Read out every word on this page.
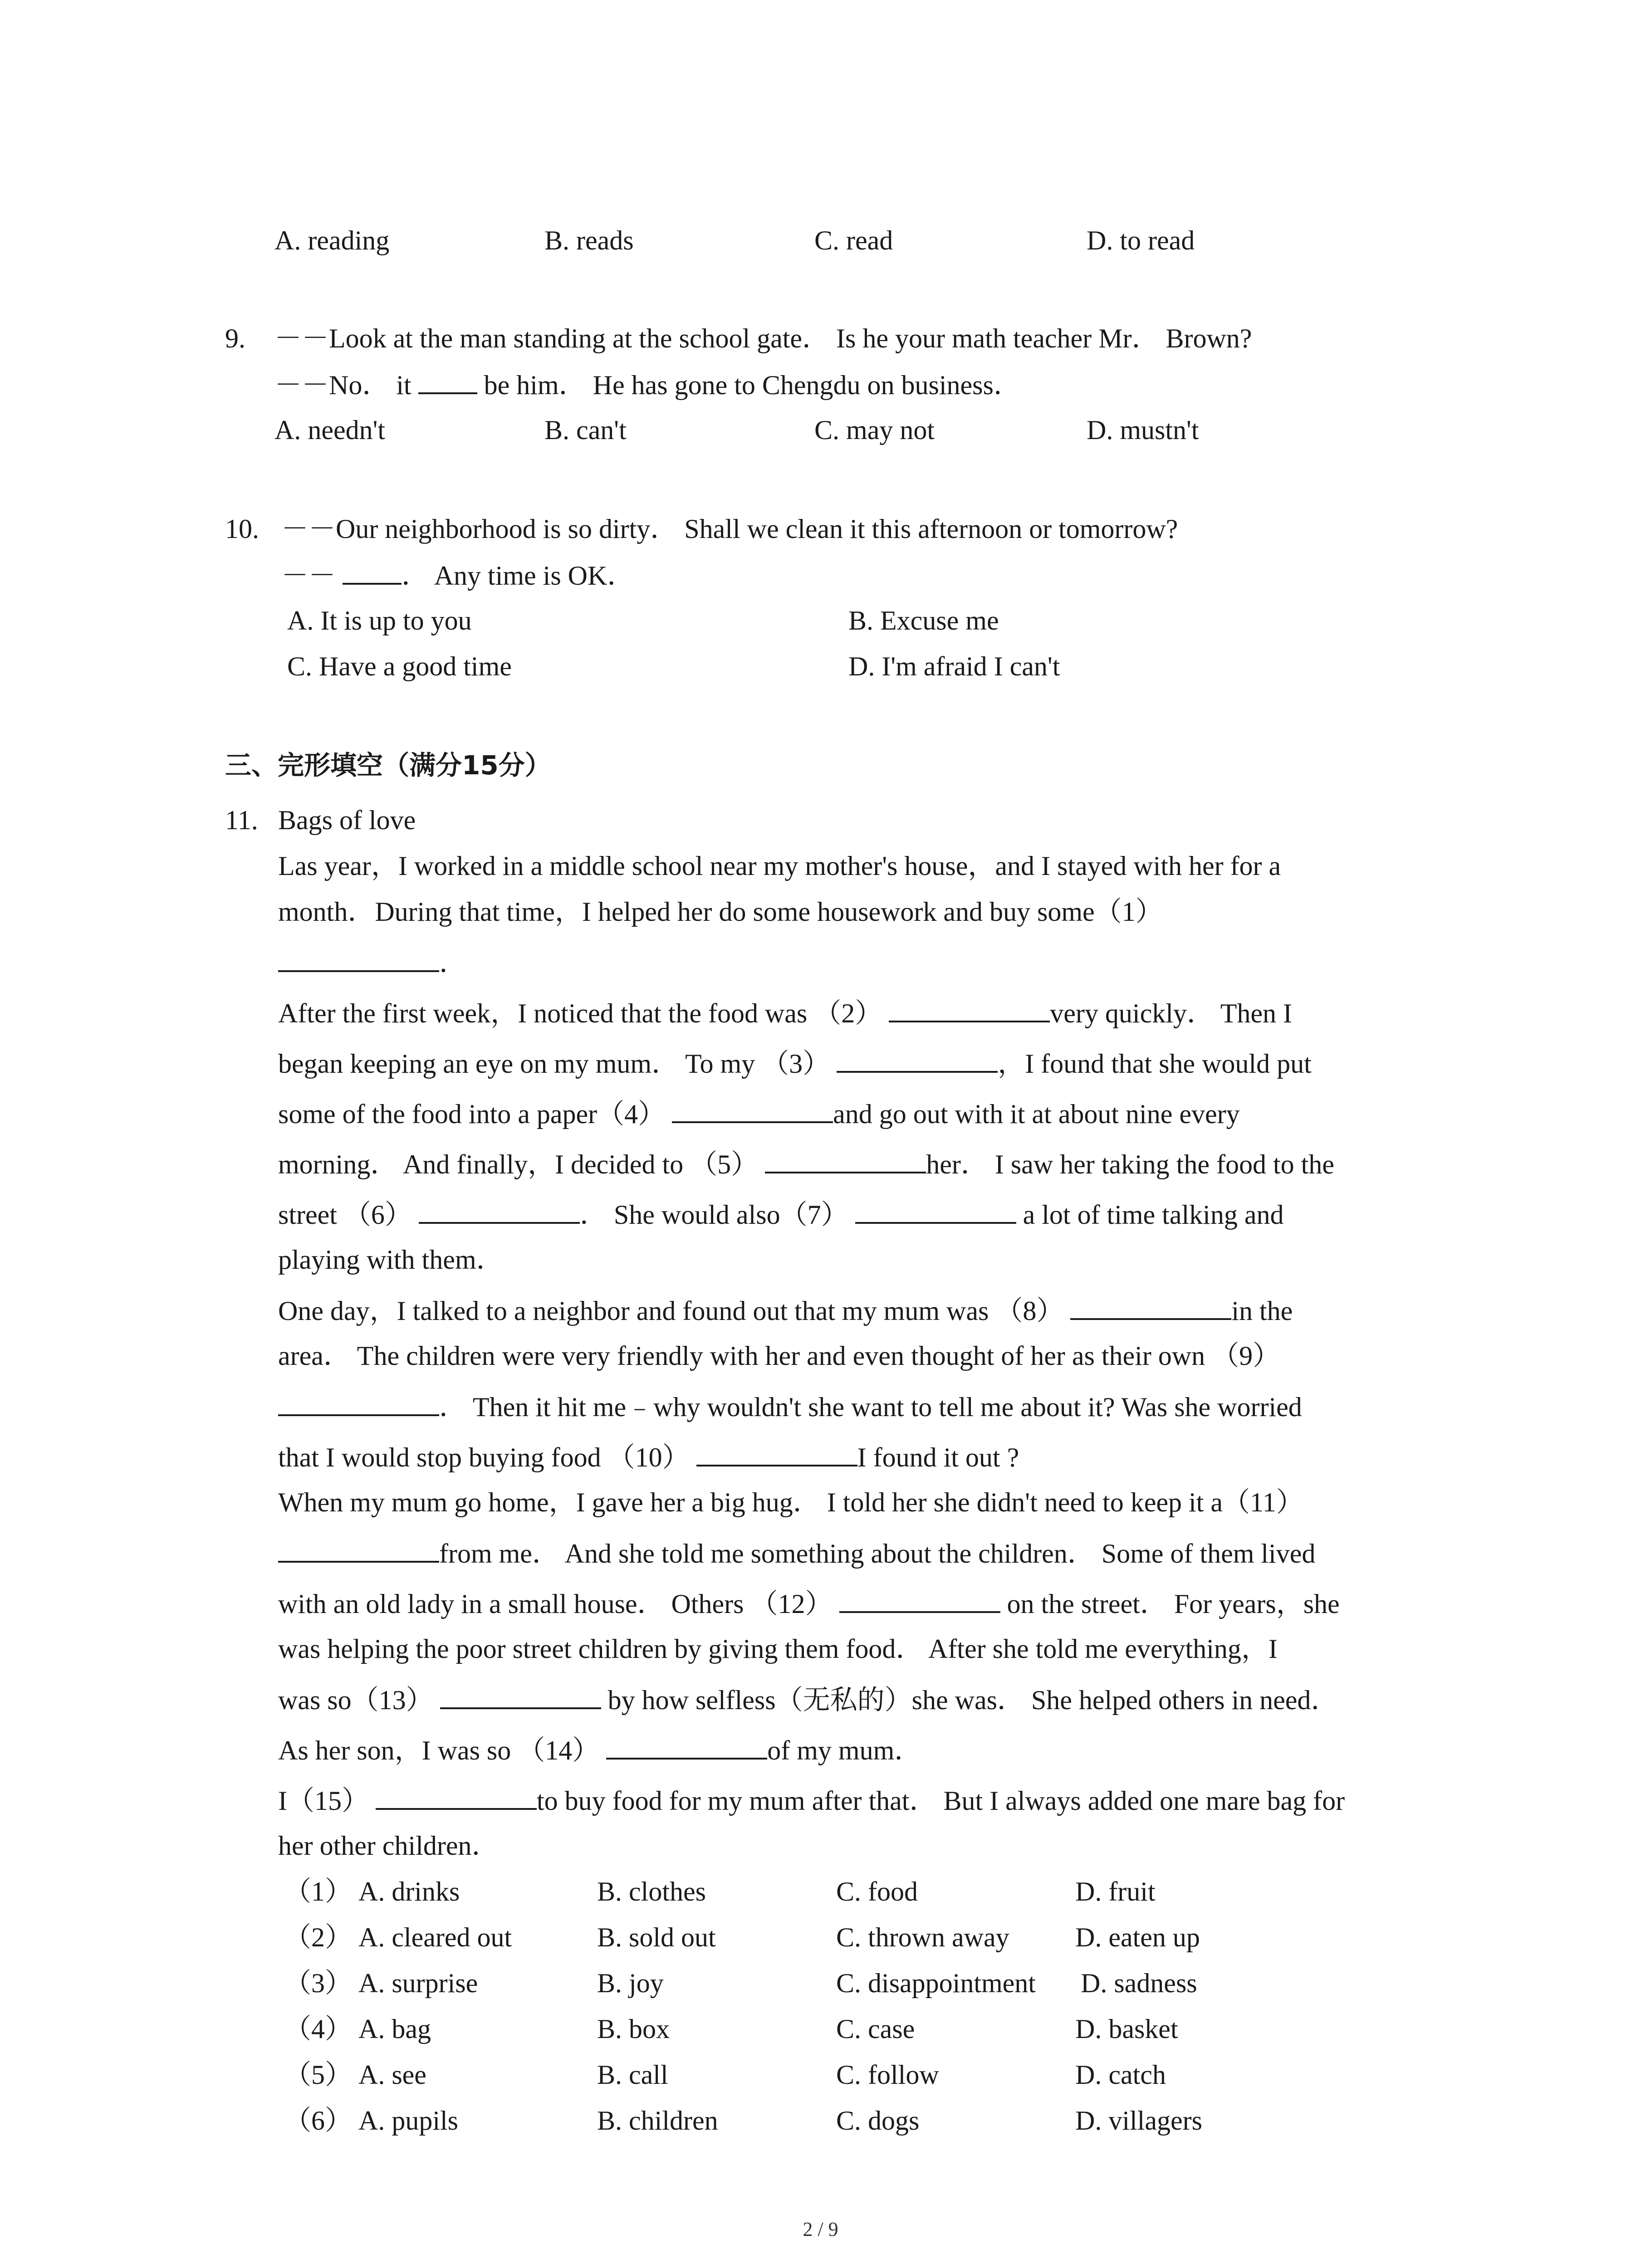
A. reading	B. reads	C. read	D. to read
9. －－Look at the man standing at the school gate． Is he your math teacher Mr． Brown?
－－No． it	be him． He has gone to Chengdu on business．
A. needn't	B. can't	C. may not	D. mustn't
10. －－Our neighborhood is so dirty． Shall we clean it this afternoon or tomorrow?
－－ ． Any time is OK．
A. It is up to you	B. Excuse me
C. Have a good time	D. I'm afraid I can't
三、完形填空（满分15分）
11. Bags of love
Las year，I worked in a middle school near my mother's house，and I stayed with her for a
month．During that time，I helped her do some housework and buy some（1）
．
After the first week，I noticed that the food was （2）	very quickly． Then I
began keeping an eye on my mum． To my （3）	，I found that she would put
some of the food into a paper（4）	and go out with it at about nine every
morning． And finally，I decided to （5）	her． I saw her taking the food to the
street （6）	． She would also（7）	a lot of time talking and
playing with them．
One day，I talked to a neighbor and found out that my mum was （8）	in the
area． The children were very friendly with her and even thought of her as their own （9）
． Then it hit me﹣why wouldn't she want to tell me about it? Was she worried
that I would stop buying food （10）	I found it out ?
When my mum go home，I gave her a big hug． I told her she didn't need to keep it a（11）
from me． And she told me something about the children． Some of them lived
with an old lady in a small house． Others （12）	on the street． For years，she
was helping the poor street children by giving them food． After she told me everything，I
was so（13）	by how selfless（无私的）she was． She helped others in need．
As her son，I was so （14）	of my mum．
I（15）	to buy food for my mum after that． But I always added one mare bag for
her other children．
（1） A. drinks	B. clothes	C. food	D. fruit
（2） A. cleared out	B. sold out	C. thrown away D. eaten up
（3） A. surprise	B. joy	C. disappointment D. sadness
（4） A. bag	B. box	C. case	D. basket
（5） A. see	B. call	C. follow	D. catch
（6） A. pupils	B. children	C. dogs	D. villagers
2 / 9
